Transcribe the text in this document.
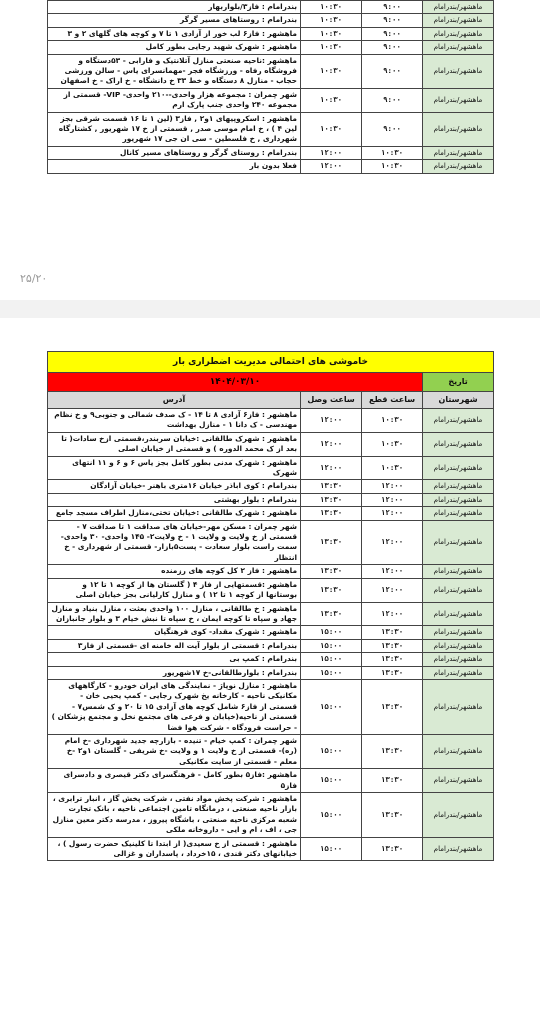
ماهشهر/بندرامام	۹:۰۰	۱۰:۳۰	بندرامام : فاز۳/بلواربهار
ماهشهر/بندرامام	۹:۰۰	۱۰:۳۰	بندرامام : روستاهای مسیر گرگر
ماهشهر/بندرامام	۹:۰۰	۱۰:۳۰	ماهشهر : فاز۶ لب خور از آزادی ۱ تا ۷ و کوچه های گلهای ۲ و ۳
ماهشهر/بندرامام	۹:۰۰	۱۰:۳۰	ماهشهر : شهرک شهید رجایی بطور کامل
ماهشهر/بندرامام	۹:۰۰	۱۰:۳۰	ماهشهر :ناحیه صنعتی منازل آتلانتیک و فارابی - ۵۳دستگاه و فروشگاه رفاه - ورزشگاه فجر -مهمانسرای یاس - سالن ورزشی حجاب - منازل ۸ دستگاه و خط ۳۳ خ دانشگاه - خ اراک - خ اصفهان
ماهشهر/بندرامام	۹:۰۰	۱۰:۳۰	شهر چمران : مجموعه هزار واحدی--۲۱۰ واحدی- VIP- قسمتی از مجموعه ۲۴۰ واحدی جنب پارک ارم
ماهشهر/بندرامام	۹:۰۰	۱۰:۳۰	ماهشهر : اسکروپیهای ۱و۲ , فاز۳ (لین ۱ تا ۱۶ قسمت شرقی بجز لین ۴ ) ، خ امام موسی صدر , قسمتی از خ ۱۷ شهریور , کشتارگاه شهرداری , خ فلسطین - سی ان جی ۱۷ شهریور
ماهشهر/بندرامام	۱۰:۳۰	۱۲:۰۰	بندرامام : روستای گرگر و روستاهای مسیر کانال
ماهشهر/بندرامام	۱۰:۳۰	۱۲:۰۰	فعلا بدون بار
۲۵/۲۰
خاموشی های احتمالی مدیریت اضطراری بار			
تاریخ	۱۴۰۴/۰۳/۱۰		
شهرستان	ساعت قطع	ساعت وصل	آدرس
ماهشهر/بندرامام	۱۰:۳۰	۱۲:۰۰	ماهشهر : فاز۶ آزادی ۸ تا ۱۴ - ک صدف شمالی و جنوبی۹ و خ نظام مهندسی - ک دانا ۱ - منازل بهداشت
ماهشهر/بندرامام	۱۰:۳۰	۱۲:۰۰	ماهشهر : شهرک طالقانی :خیابان سربندر،قسمتی ازخ سادات( تا بعد از ک محمد الدوره ) و قسمتی از خیابان اصلی
ماهشهر/بندرامام	۱۰:۳۰	۱۲:۰۰	ماهشهر : شهرک مدنی بطور کامل بجز یاس ۶ و ۶ و ۱۱ انتهای شهرک
ماهشهر/بندرامام	۱۲:۰۰	۱۳:۳۰	بندرامام : کوی اباذر خیابان ۱۶متری باهنر -خیابان آزادگان
ماهشهر/بندرامام	۱۲:۰۰	۱۳:۳۰	بندرامام : بلوار بهشتی
ماهشهر/بندرامام	۱۲:۰۰	۱۳:۳۰	ماهشهر : شهرک طالقانی :خیابان تختی،منازل اطراف مسجد جامع
ماهشهر/بندرامام	۱۲:۰۰	۱۳:۳۰	شهر چمران : مسکن مهر-خیابان های صداقت ۱ تا صداقت ۷ - قسمتی از خ ولایت و ولایت ۱ - خ ولایت۲- ۱۴۵ واحدی- ۳۰ واحدی-سمت راست بلوار سعادت - پست۵بازار- قسمتی از شهرداری - خ انتظار
ماهشهر/بندرامام	۱۲:۰۰	۱۳:۳۰	ماهشهر : فاز ۲ کل کوچه های رزمنده
ماهشهر/بندرامام	۱۲:۰۰	۱۳:۳۰	ماهشهر :قسمتهایی از فاز ۴ ( گلستان ها از کوچه ۱ تا ۱۲ و بوستانها از کوچه ۱ تا ۱۲ ) و منازل کارلیانی بجز خیابان اصلی
ماهشهر/بندرامام	۱۲:۰۰	۱۳:۳۰	ماهشهر : خ طالقانی ، منازل ۱۰۰ واحدی بعثت ، منازل بنیاد و منازل جهاد و سپاه تا کوچه ایمان ، خ سپاه تا نبش خیام ۳ و بلوار جانبازان
ماهشهر/بندرامام	۱۳:۳۰	۱۵:۰۰	ماهشهر : شهرک مقداد- کوی فرهنگیان
ماهشهر/بندرامام	۱۳:۳۰	۱۵:۰۰	بندرامام : قسمتی از بلوار آیت اله خامنه ای -قسمتی از فاز۳
ماهشهر/بندرامام	۱۳:۳۰	۱۵:۰۰	بندرامام : کمپ بی
ماهشهر/بندرامام	۱۳:۳۰	۱۵:۰۰	بندرامام : بلوارطالقانی-خ ۱۷شهریور
ماهشهر/بندرامام	۱۳:۳۰	۱۵:۰۰	ماهشهر : منازل نوپاژ - نمایندگی های ایران خودرو - کارگاههای مکانیکی ناحیه - کارخانه یخ شهرک رجایی - کمپ یحیی خان - قسمتی از فاز۶ شامل کوچه های آزادی ۱۵ تا ۲۰ و ک شمس۷ - قسمتی از ناحیه(خیابان و فرعی های مجتمع نخل و مجتمع پزشکان ) - حراست فرودگاه - شرکت هوا فضا
ماهشهر/بندرامام	۱۳:۳۰	۱۵:۰۰	شهر چمران : کمپ خیام - تنیده - بازارچه جدید شهرداری -خ امام (ره)- قسمتی از خ ولایت ۱ و ولایت -خ شریفی - گلستان ۱و۲ -خ معلم - قسمتی از سایت مکانیکی
ماهشهر/بندرامام	۱۳:۳۰	۱۵:۰۰	ماهشهر :فاز۵ بطور کامل - فرهنگسرای دکتر قیصری و دادسرای فاز۵
ماهشهر/بندرامام	۱۳:۳۰	۱۵:۰۰	ماهشهر : شرکت پخش مواد نفتی ، شرکت پخش گاز ، انبار ترابری ، بازار ناحیه صنعتی ، درمانگاه تامین اجتماعی ناحیه ، بانک تجارت شعبه مرکزی ناحیه صنعتی ، باشگاه پیروز ، مدرسه دکتر معین منازل جی ، اف ، ام و ایی - داروخانه ملکی
ماهشهر/بندرامام	۱۳:۳۰	۱۵:۰۰	ماهشهر : قسمتی از خ سعیدی( از ابتدا تا کلینیک حضرت رسول ) ، خیابانهای دکتر قندی ، ۱۵خرداد ، پاسداران و غزالی
